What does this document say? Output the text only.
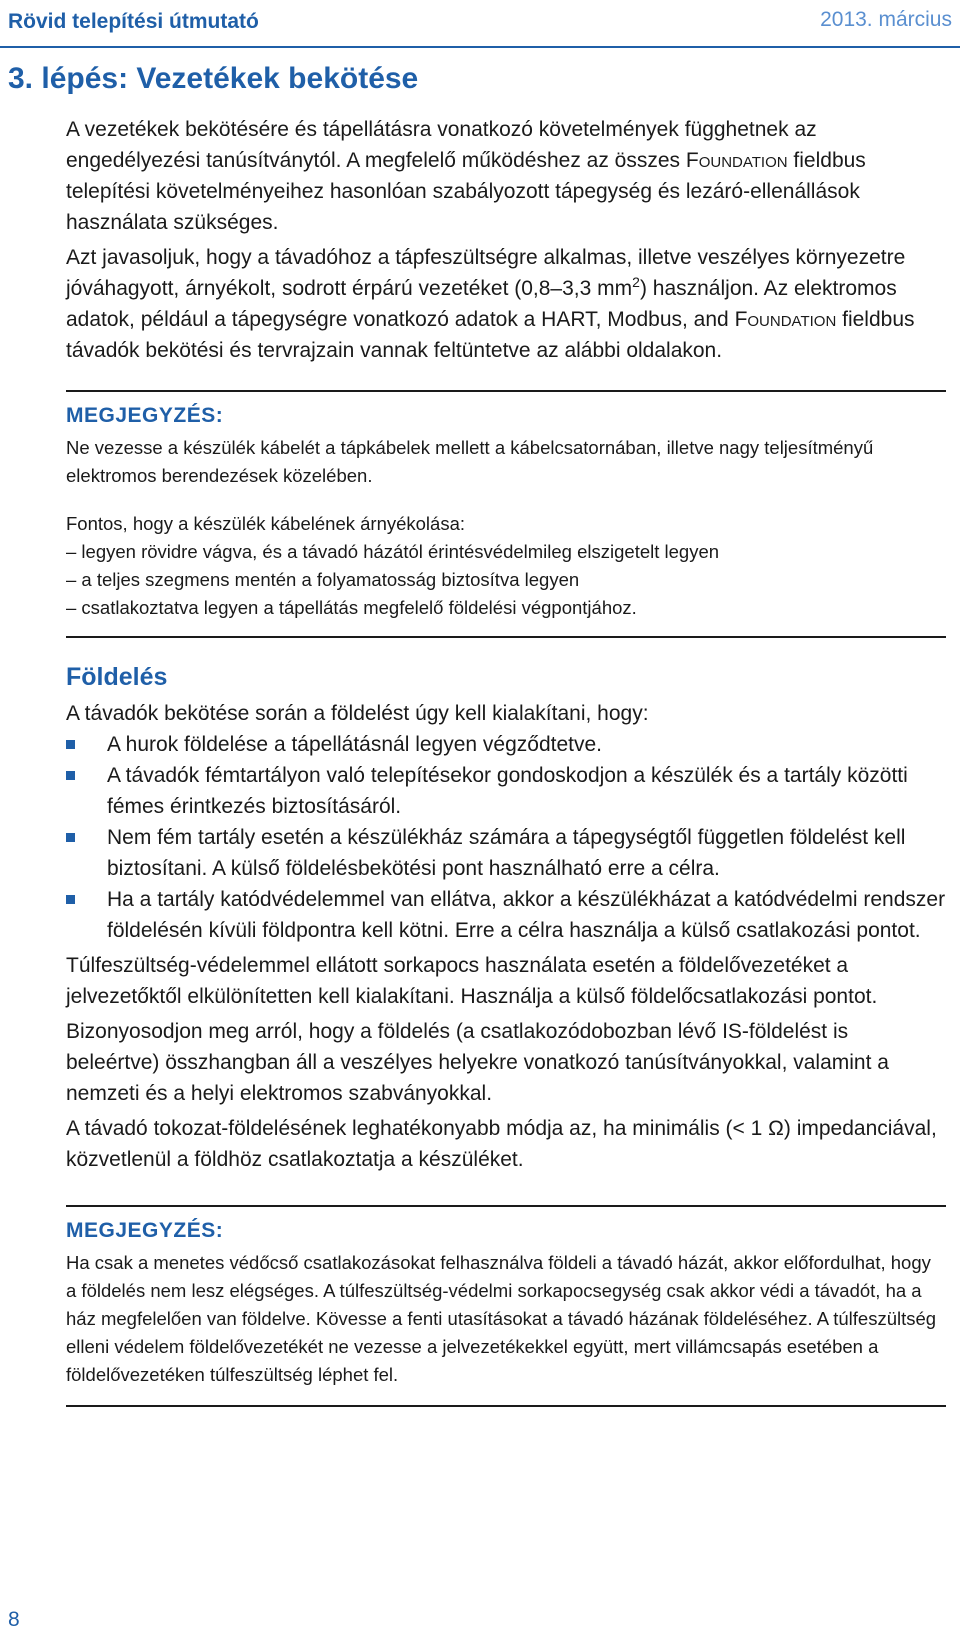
Rövid telepítési útmutató	2013. március
3. lépés: Vezetékek bekötése

A vezetékek bekötésére és tápellátásra vonatkozó követelmények függhetnek az engedélyezési tanúsítványtól. A megfelelő működéshez az összes Foundation fieldbus telepítési követelményeihez hasonlóan szabályozott tápegység és lezáró-ellenállások használata szükséges.

Azt javasoljuk, hogy a távadóhoz a tápfeszültségre alkalmas, illetve veszélyes környezetre jóváhagyott, árnyékolt, sodrott érpárú vezetéket (0,8–3,3 $mm^2$) használjon. Az elektromos adatok, például a tápegységre vonatkozó adatok a HART, Modbus, and Foundation fieldbus távadók bekötési és tervrajzain vannak feltüntetve az alábbi oldalakon.

MEGJEGYZÉS:

Ne vezesse a készülék kábelét a tápkábelek mellett a kábelcsatornában, illetve nagy teljesítményű elektromos berendezések közelében.

Fontos, hogy a készülék kábelének árnyékolása:

– legyen rövidre vágva, és a távadó házától érintésvédelmileg elszigetelt legyen

– a teljes szegmens mentén a folyamatosság biztosítva legyen

– csatlakoztatva legyen a tápellátás megfelelő földelési végpontjához.

Földelés

A távadók bekötése során a földelést úgy kell kialakítani, hogy:

A hurok földelése a tápellátásnál legyen végződtetve.
A távadók fémtartályon való telepítésekor gondoskodjon a készülék és a tartály közötti fémes érintkezés biztosításáról.
Nem fém tartály esetén a készülékház számára a tápegységtől független földelést kell biztosítani. A külső földelésbekötési pont használható erre a célra.
Ha a tartály katódvédelemmel van ellátva, akkor a készülékházat a katódvédelmi rendszer földelésén kívüli földpontra kell kötni. Erre a célra használja a külső csatlakozási pontot.

Túlfeszültség-védelemmel ellátott sorkapocs használata esetén a földelővezetéket a jelvezetőktől elkülönítetten kell kialakítani. Használja a külső földelőcsatlakozási pontot.

Bizonyosodjon meg arról, hogy a földelés (a csatlakozódobozban lévő IS-földelést is beleértve) összhangban áll a veszélyes helyekre vonatkozó tanúsítványokkal, valamint a nemzeti és a helyi elektromos szabványokkal.

A távadó tokozat-földelésének leghatékonyabb módja az, ha minimális (< 1 Ω) impedanciával, közvetlenül a földhöz csatlakoztatja a készüléket.

MEGJEGYZÉS:

Ha csak a menetes védőcső csatlakozásokat felhasználva földeli a távadó házát, akkor előfordulhat, hogy a földelés nem lesz elégséges. A túlfeszültség-védelmi sorkapocsegység csak akkor védi a távadót, ha a ház megfelelően van földelve. Kövesse a fenti utasításokat a távadó házának földeléséhez. A túlfeszültség elleni védelem földelővezetékét ne vezesse a jelvezetékekkel együtt, mert villámcsapás esetében a földelővezetéken túlfeszültség léphet fel.

8
